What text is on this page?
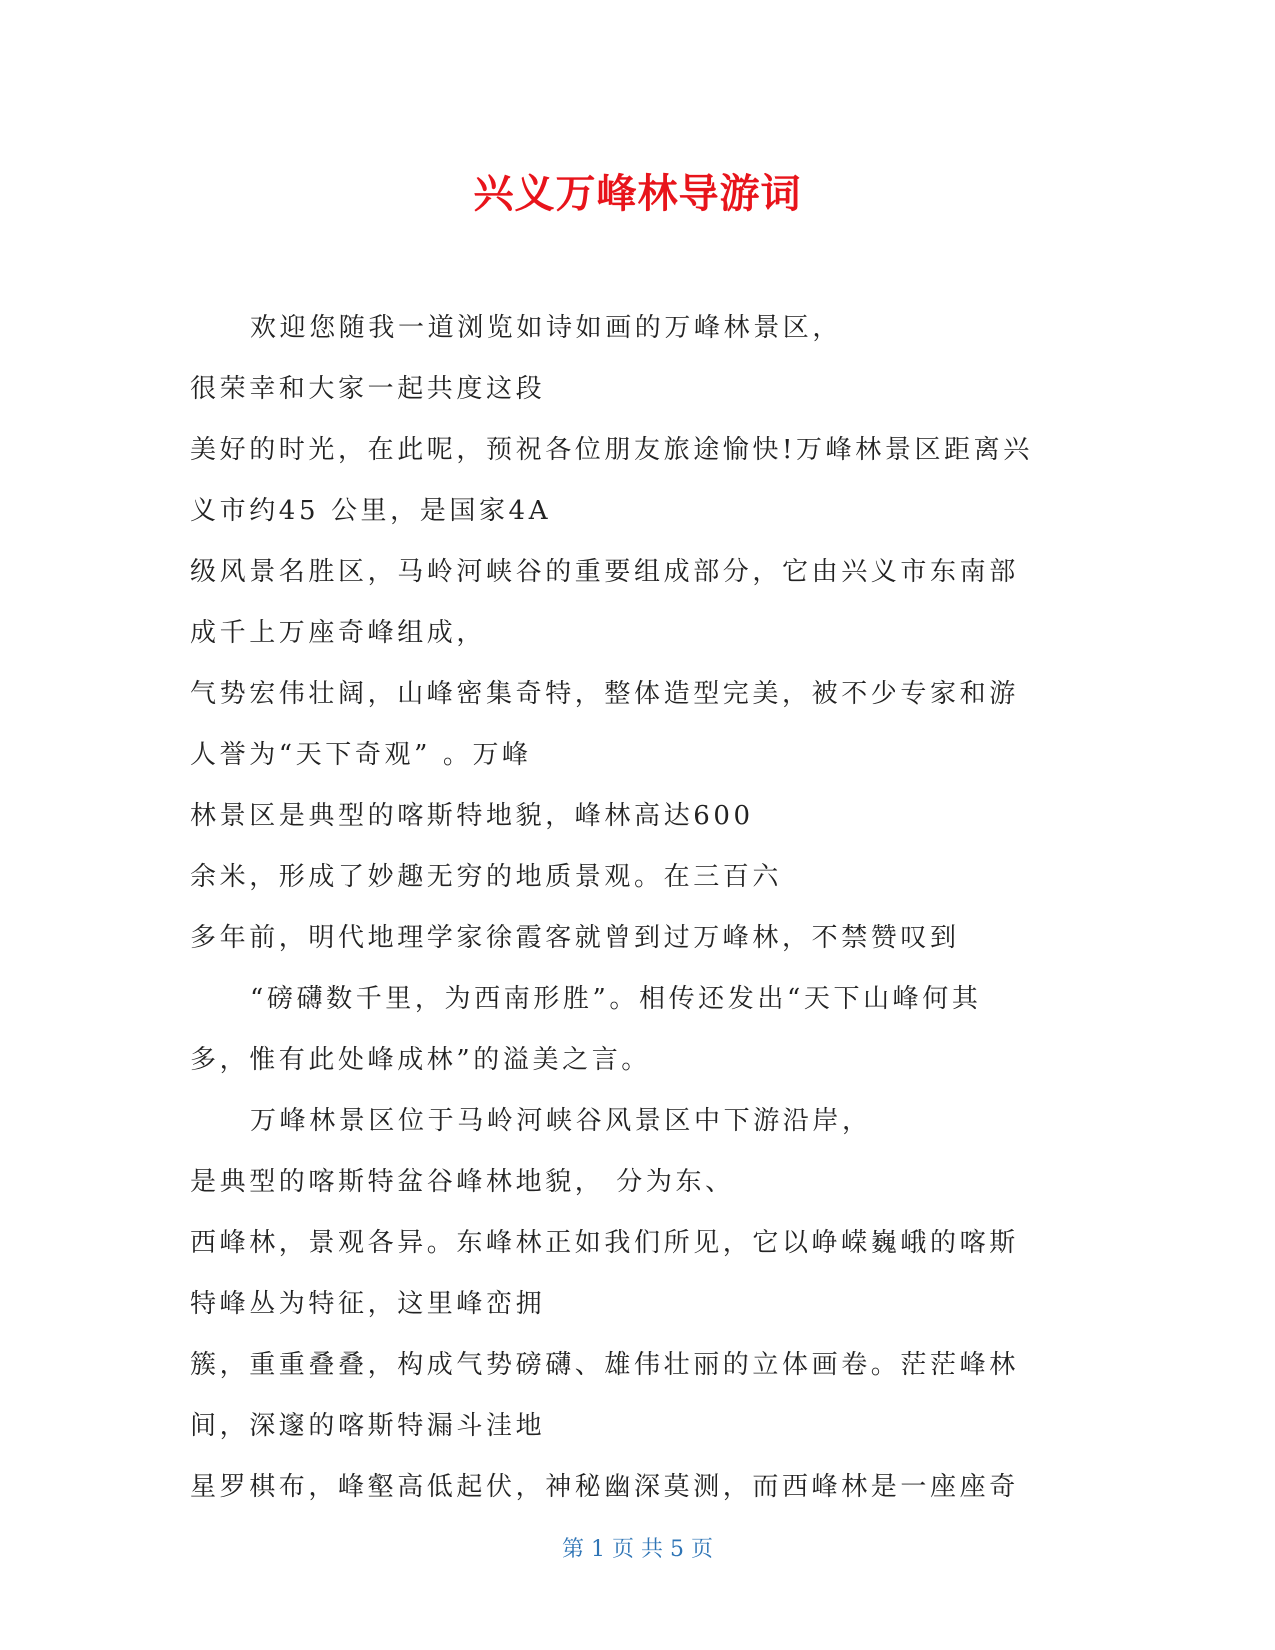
兴义万峰林导游词
欢迎您随我一道浏览如诗如画的万峰林景区，
很荣幸和大家一起共度这段
美好的时光，在此呢，预祝各位朋友旅途愉快!万峰林景区距离兴
义市约45 公里，是国家4A
级风景名胜区，马岭河峡谷的重要组成部分，它由兴义市东南部
成千上万座奇峰组成，
气势宏伟壮阔，山峰密集奇特，整体造型完美，被不少专家和游
人誉为“天下奇观” 。万峰
林景区是典型的喀斯特地貌，峰林高达600
余米，形成了妙趣无穷的地质景观。在三百六
多年前，明代地理学家徐霞客就曾到过万峰林，不禁赞叹到
“磅礴数千里，为西南形胜”。相传还发出“天下山峰何其
多，惟有此处峰成林”的溢美之言。
万峰林景区位于马岭河峡谷风景区中下游沿岸，
是典型的喀斯特盆谷峰林地貌， 分为东、
西峰林，景观各异。东峰林正如我们所见，它以峥嵘巍峨的喀斯
特峰丛为特征，这里峰峦拥
簇，重重叠叠，构成气势磅礴、雄伟壮丽的立体画卷。茫茫峰林
间，深邃的喀斯特漏斗洼地
星罗棋布，峰壑高低起伏，神秘幽深莫测，而西峰林是一座座奇
第 1 页 共 5 页
